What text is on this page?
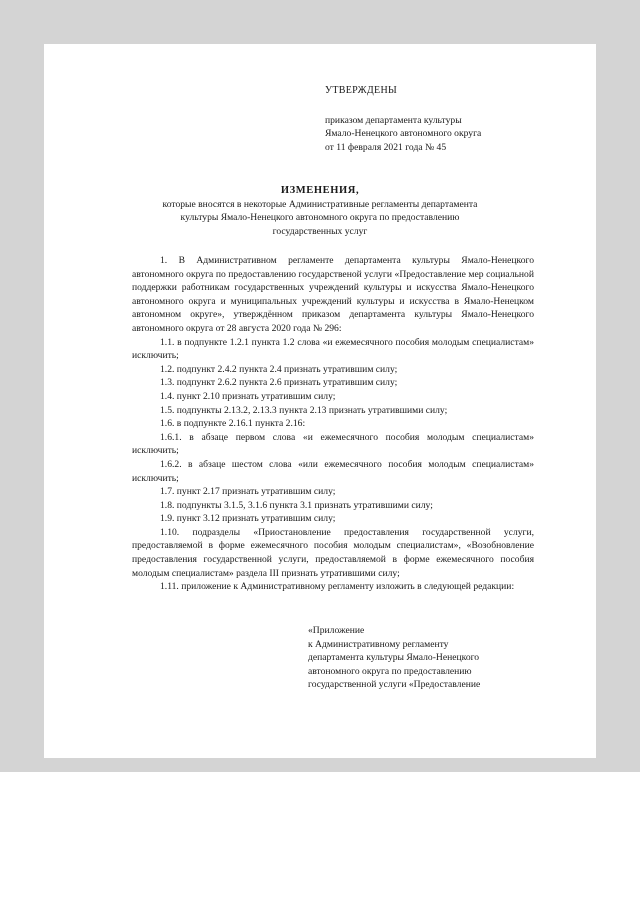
УТВЕРЖДЕНЫ
приказом департамента культуры
Ямало-Ненецкого автономного округа
от 11 февраля 2021 года № 45
ИЗМЕНЕНИЯ,
которые вносятся в некоторые Административные регламенты департамента
культуры Ямало-Ненецкого автономного округа по предоставлению
государственных услуг

1. В Административном регламенте департамента культуры Ямало-Ненецкого автономного округа по предоставлению государственой услуги «Предоставление мер социальной поддержки работникам государственных учреждений культуры и искусства Ямало-Ненецкого автономного округа и муниципальных учреждений культуры и искусства в Ямало-Ненецком автономном округе», утверждённом приказом департамента культуры Ямало-Ненецкого автономного округа от 28 августа 2020 года № 296:

1.1. в подпункте 1.2.1 пункта 1.2 слова «и ежемесячного пособия молодым специалистам» исключить;

1.2. подпункт 2.4.2 пункта 2.4 признать утратившим силу;

1.3. подпункт 2.6.2 пункта 2.6 признать утратившим силу;

1.4. пункт 2.10 признать утратившим силу;

1.5. подпункты 2.13.2, 2.13.3 пункта 2.13 признать утратившими силу;

1.6. в подпункте 2.16.1 пункта 2.16:

1.6.1. в абзаце первом слова «и ежемесячного пособия молодым специалистам» исключить;

1.6.2. в абзаце шестом слова «или ежемесячного пособия молодым специалистам» исключить;

1.7. пункт 2.17 признать утратившим силу;

1.8. подпункты 3.1.5, 3.1.6 пункта 3.1 признать утратившими силу;

1.9. пункт 3.12 признать утратившим силу;

1.10. подразделы «Приостановление предоставления государственной услуги, предоставляемой в форме ежемесячного пособия молодым специалистам», «Возобновление предоставления государственной услуги, предоставляемой в форме ежемесячного пособия молодым специалистам» раздела III признать утратившими силу;

1.11. приложение к Административному регламенту изложить в следующей редакции:

«Приложение
к Административному регламенту
департамента культуры Ямало-Ненецкого
автономного округа по предоставлению
государственной услуги «Предоставление
